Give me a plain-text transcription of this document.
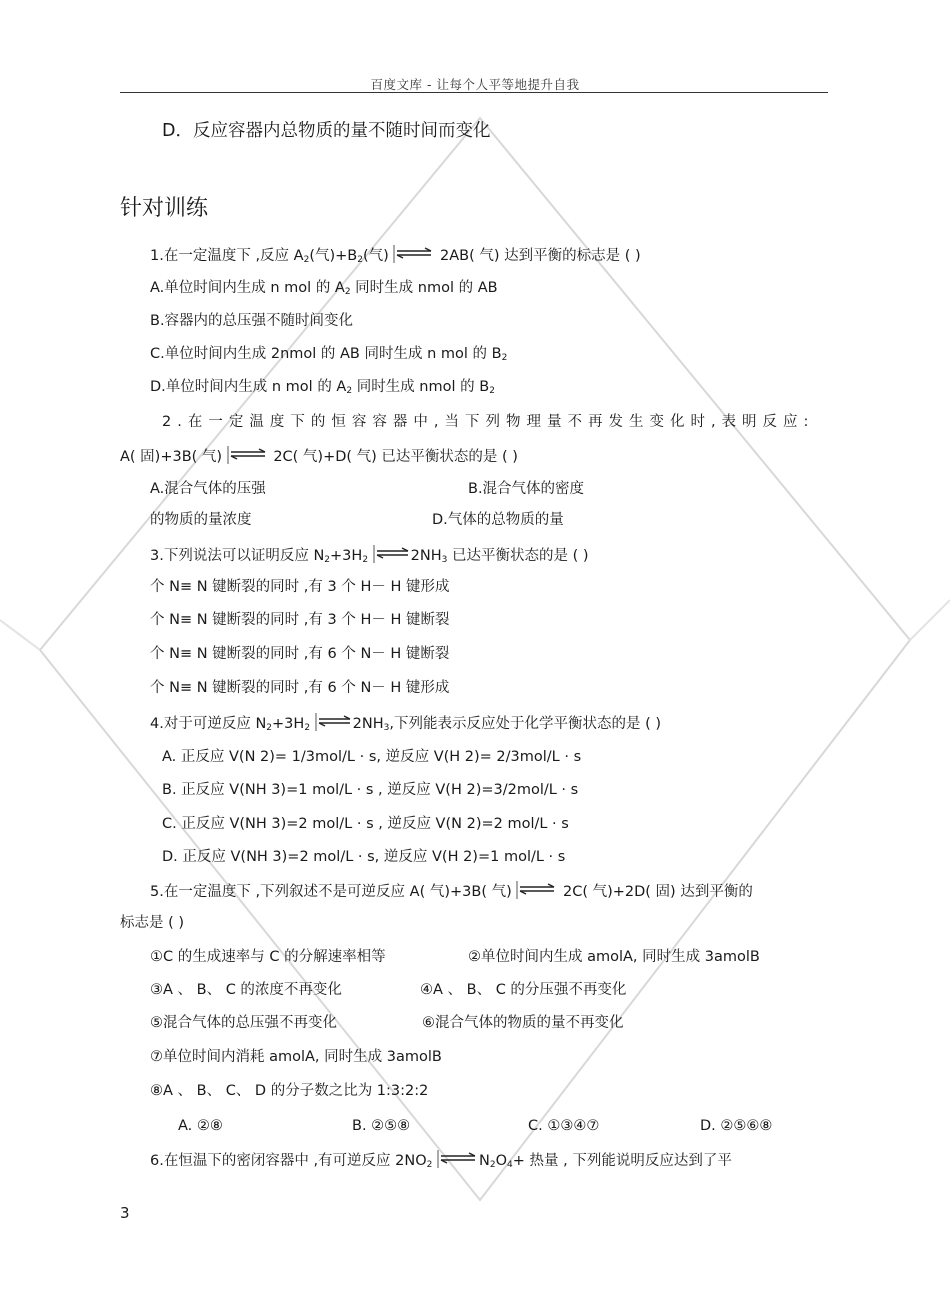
百度文库 - 让每个人平等地提升自我
D．反应容器内总物质的量不随时间而变化
针对训练
1.在一定温度下 ,反应 A2(气)+B2(气) ⇌ 2AB( 气) 达到平衡的标志是 ( )
A.单位时间内生成 n mol 的 A2 同时生成 nmol 的 AB
B.容器内的总压强不随时间变化
C.单位时间内生成 2nmol 的 AB 同时生成 n mol 的 B2
D.单位时间内生成 n mol 的 A2 同时生成 nmol 的 B2
2.在一定温度下的恒容容器中,当下列物理量不再发生变化时,表明反应:
A( 固)+3B( 气) ⇌ 2C( 气)+D( 气) 已达平衡状态的是 ( )
A.混合气体的压强	B.混合气体的密度
的物质的量浓度	D.气体的总物质的量
3.下列说法可以证明反应 N2+3H2 ⇌2NH3 已达平衡状态的是 ( )
个 N≡ N 键断裂的同时 ,有 3 个 H－ H 键形成
个 N≡ N 键断裂的同时 ,有 3 个 H－ H 键断裂
个 N≡ N 键断裂的同时 ,有 6 个 N－ H 键断裂
个 N≡ N 键断裂的同时 ,有 6 个 N－ H 键形成
4.对于可逆反应 N2+3H2 ⇌2NH3,下列能表示反应处于化学平衡状态的是 ( )
A. 正反应 V(N 2)= 1/3mol/L · s, 逆反应 V(H 2)= 2/3mol/L · s
B. 正反应 V(NH 3)=1 mol/L · s , 逆反应 V(H 2)=3/2mol/L · s
C. 正反应 V(NH 3)=2 mol/L · s , 逆反应 V(N 2)=2 mol/L · s
D. 正反应 V(NH 3)=2 mol/L · s, 逆反应 V(H 2)=1 mol/L · s
5.在一定温度下 ,下列叙述不是可逆反应 A( 气)+3B( 气) ⇌ 2C( 气)+2D( 固) 达到平衡的
标志是 ( )
①C 的生成速率与 C 的分解速率相等	②单位时间内生成 amolA, 同时生成 3amolB
③A 、 B、 C 的浓度不再变化	④A 、 B、 C 的分压强不再变化
⑤混合气体的总压强不再变化	⑥混合气体的物质的量不再变化
⑦单位时间内消耗 amolA, 同时生成 3amolB
⑧A 、 B、 C、 D 的分子数之比为 1:3:2:2
A. ②⑧	B. ②⑤⑧	C. ①③④⑦	D. ②⑤⑥⑧
6.在恒温下的密闭容器中 ,有可逆反应 2NO2 ⇌N2O4+ 热量 , 下列能说明反应达到了平
3
